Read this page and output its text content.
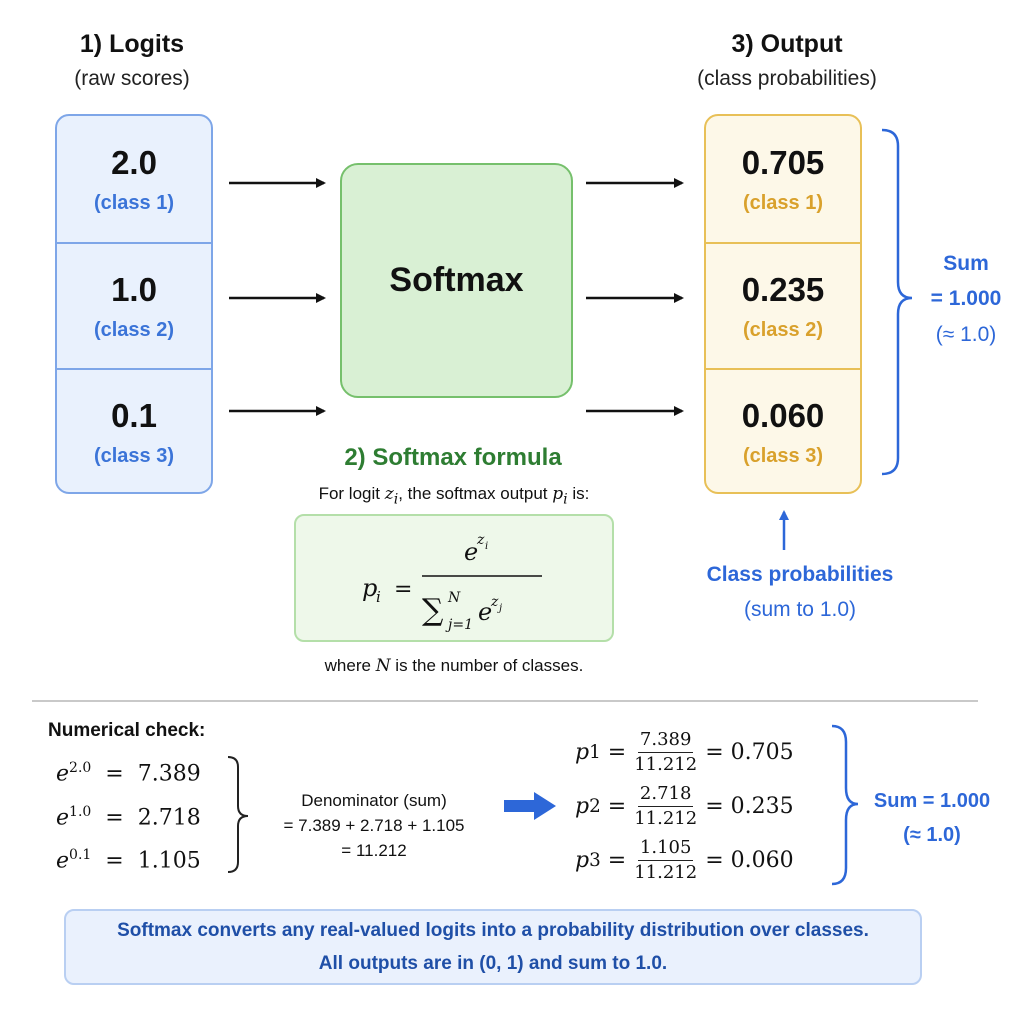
1) Logits
(raw scores)
3) Output
(class probabilities)
2.0
(class 1)
1.0
(class 2)
0.1
(class 3)
Softmax
0.705
(class 1)
0.235
(class 2)
0.060
(class 3)
Sum
= 1.000
(≈ 1.0)
Class probabilities
(sum to 1.0)
2) Softmax formula
For logit $z_i$, the softmax output $p_i$ is:
p
i =
e
z i
∑ N
j=1 e
z j
where N is the number of classes.
Numerical check:
$e^{2.0} = 7.389$
$e^{1.0} = 2.718$
$e^{0.1} = 1.105$
Denominator (sum)
= 7.389 + 2.718 + 1.105
= 11.212
p $1 = \frac{7.389}{11.212} = 0.705$
p $2 = \frac{2.718}{11.212} = 0.235$
p $3 = \frac{1.105}{11.212} = 0.060$
Sum = 1.000
(≈ 1.0)
Softmax converts any real-valued logits into a probability distribution over classes.
All outputs are in (0, 1) and sum to 1.0.
